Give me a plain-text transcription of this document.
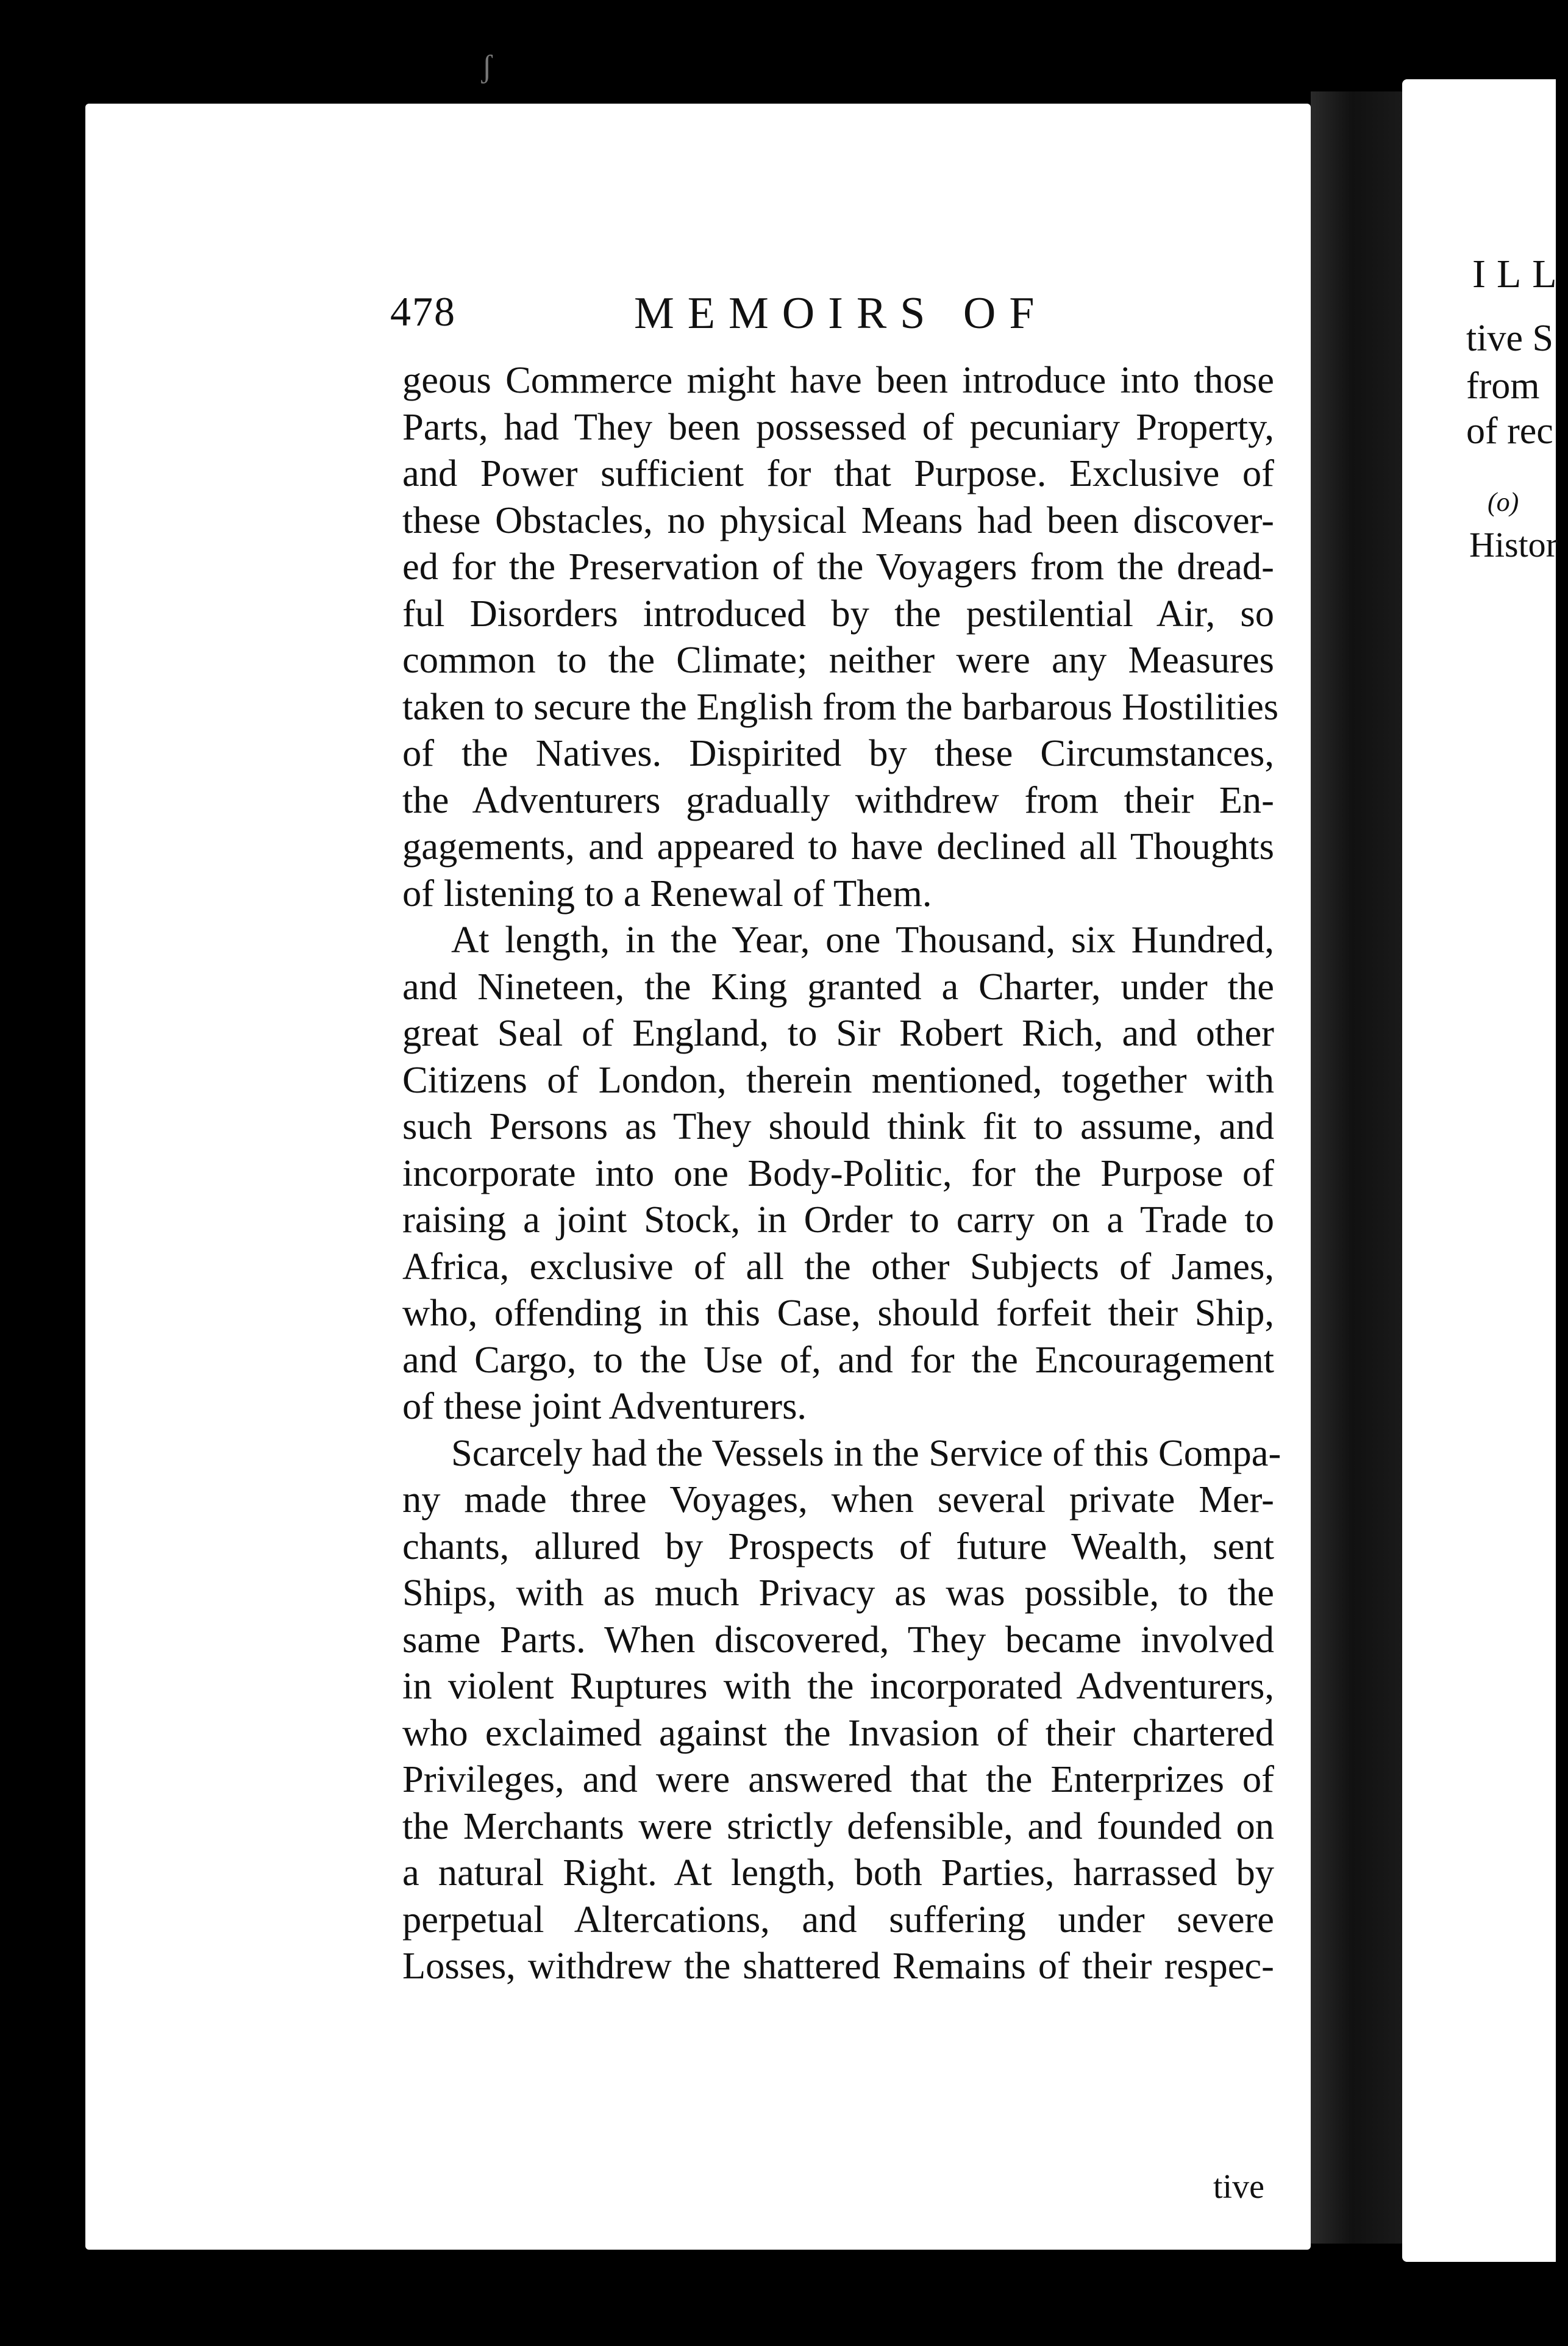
ʃ
478	MEMOIRS OF
geous Commerce might have been introduce into those
Parts, had They been possessed of pecuniary Property,
and Power sufficient for that Purpose. Exclusive of
these Obstacles, no physical Means had been discover-
ed for the Preservation of the Voyagers from the dread-
ful Disorders introduced by the pestilential Air, so
common to the Climate; neither were any Measures
taken to secure the English from the barbarous Hostilities
of the Natives. Dispirited by these Circumstances,
the Adventurers gradually withdrew from their En-
gagements, and appeared to have declined all Thoughts
of listening to a Renewal of Them.
At length, in the Year, one Thousand, six Hundred,
and Nineteen, the King granted a Charter, under the
great Seal of England, to Sir Robert Rich, and other
Citizens of London, therein mentioned, together with
such Persons as They should think fit to assume, and
incorporate into one Body-Politic, for the Purpose of
raising a joint Stock, in Order to carry on a Trade to
Africa, exclusive of all the other Subjects of James,
who, offending in this Case, should forfeit their Ship,
and Cargo, to the Use of, and for the Encouragement
of these joint Adventurers.
Scarcely had the Vessels in the Service of this Compa-
ny made three Voyages, when several private Mer-
chants, allured by Prospects of future Wealth, sent
Ships, with as much Privacy as was possible, to the
same Parts. When discovered, They became involved
in violent Ruptures with the incorporated Adventurers,
who exclaimed against the Invasion of their chartered
Privileges, and were answered that the Enterprizes of
the Merchants were strictly defensible, and founded on
a natural Right. At length, both Parties, harrassed by
perpetual Altercations, and suffering under severe
Losses, withdrew the shattered Remains of their respec-
tive
ILL
tive S
from
of rec
(o)
Histor
